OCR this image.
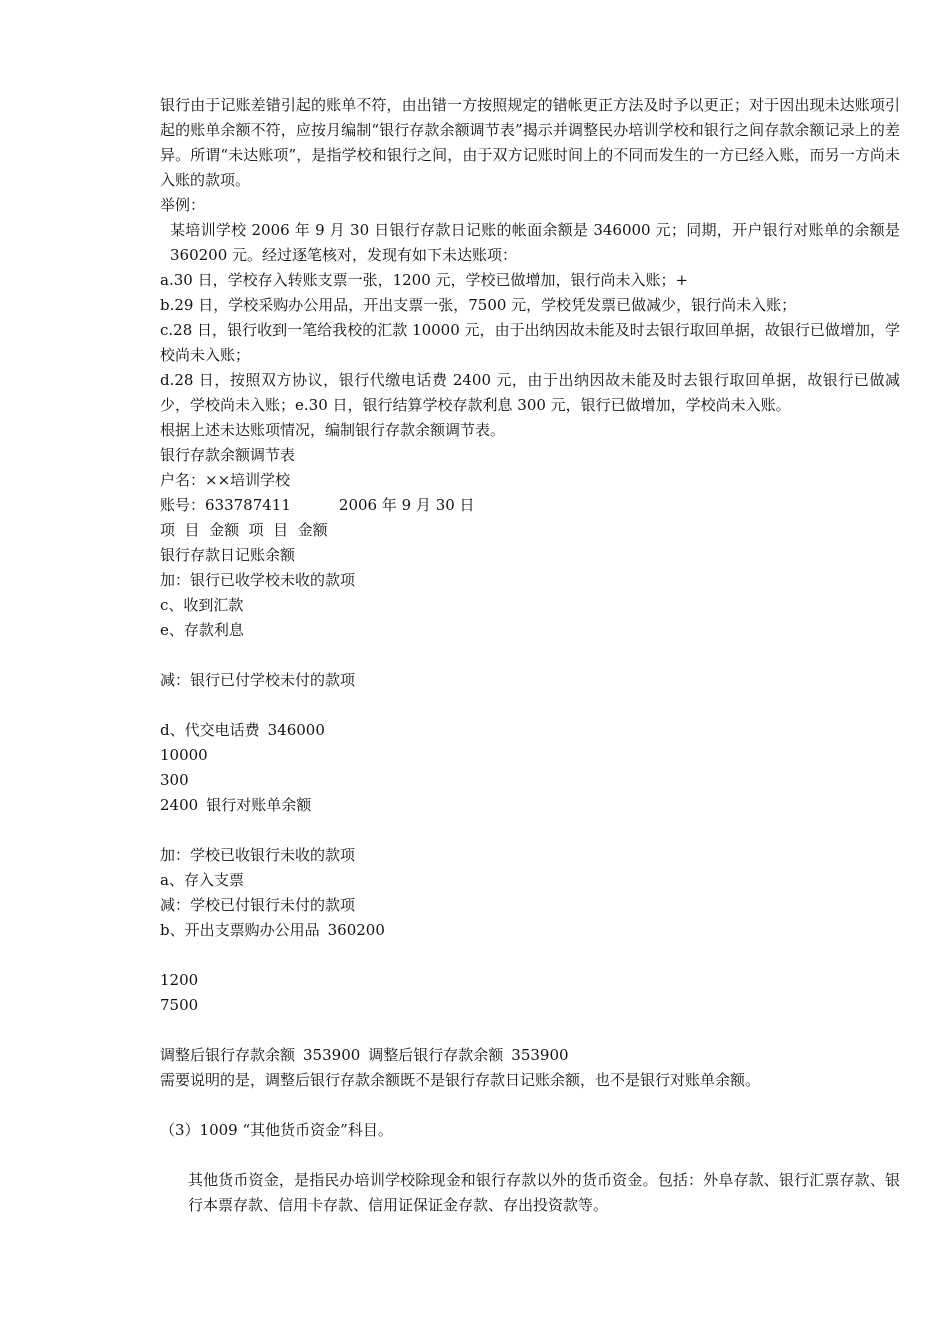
银行由于记账差错引起的账单不符，由出错一方按照规定的错帐更正方法及时予以更正；对于因出现未达账项引起的账单余额不符，应按月编制“银行存款余额调节表”揭示并调整民办培训学校和银行之间存款余额记录上的差异。所谓“未达账项”，是指学校和银行之间，由于双方记账时间上的不同而发生的一方已经入账，而另一方尚未入账的款项。
举例：
某培训学校 2006 年 9 月 30 日银行存款日记账的帐面余额是 346000 元；同期，开户银行对账单的余额是 360200 元。经过逐笔核对，发现有如下未达账项：
a.30 日，学校存入转账支票一张，1200 元，学校已做增加，银行尚未入账；+
b.29 日，学校采购办公用品，开出支票一张，7500 元，学校凭发票已做减少，银行尚未入账；
c.28 日，银行收到一笔给我校的汇款 10000 元，由于出纳因故未能及时去银行取回单据，故银行已做增加，学校尚未入账；
d.28 日，按照双方协议，银行代缴电话费 2400 元，由于出纳因故未能及时去银行取回单据，故银行已做减少，学校尚未入账；e.30 日，银行结算学校存款利息 300 元，银行已做增加，学校尚未入账。
根据上述未达账项情况，编制银行存款余额调节表。
银行存款余额调节表
户名：××培训学校
账号：633787411	2006 年 9 月 30 日
项  目  金额  项  目  金额
银行存款日记账余额
加：银行已收学校未收的款项
c、收到汇款
e、存款利息
减：银行已付学校未付的款项
d、代交电话费 346000
10000
300
2400 银行对账单余额
加：学校已收银行未收的款项
a、存入支票
减：学校已付银行未付的款项
b、开出支票购办公用品 360200
1200
7500
调整后银行存款余额 353900 调整后银行存款余额 353900
需要说明的是，调整后银行存款余额既不是银行存款日记账余额，也不是银行对账单余额。
（3）1009 “其他货币资金”科目。
其他货币资金，是指民办培训学校除现金和银行存款以外的货币资金。包括：外阜存款、银行汇票存款、银行本票存款、信用卡存款、信用证保证金存款、存出投资款等。
